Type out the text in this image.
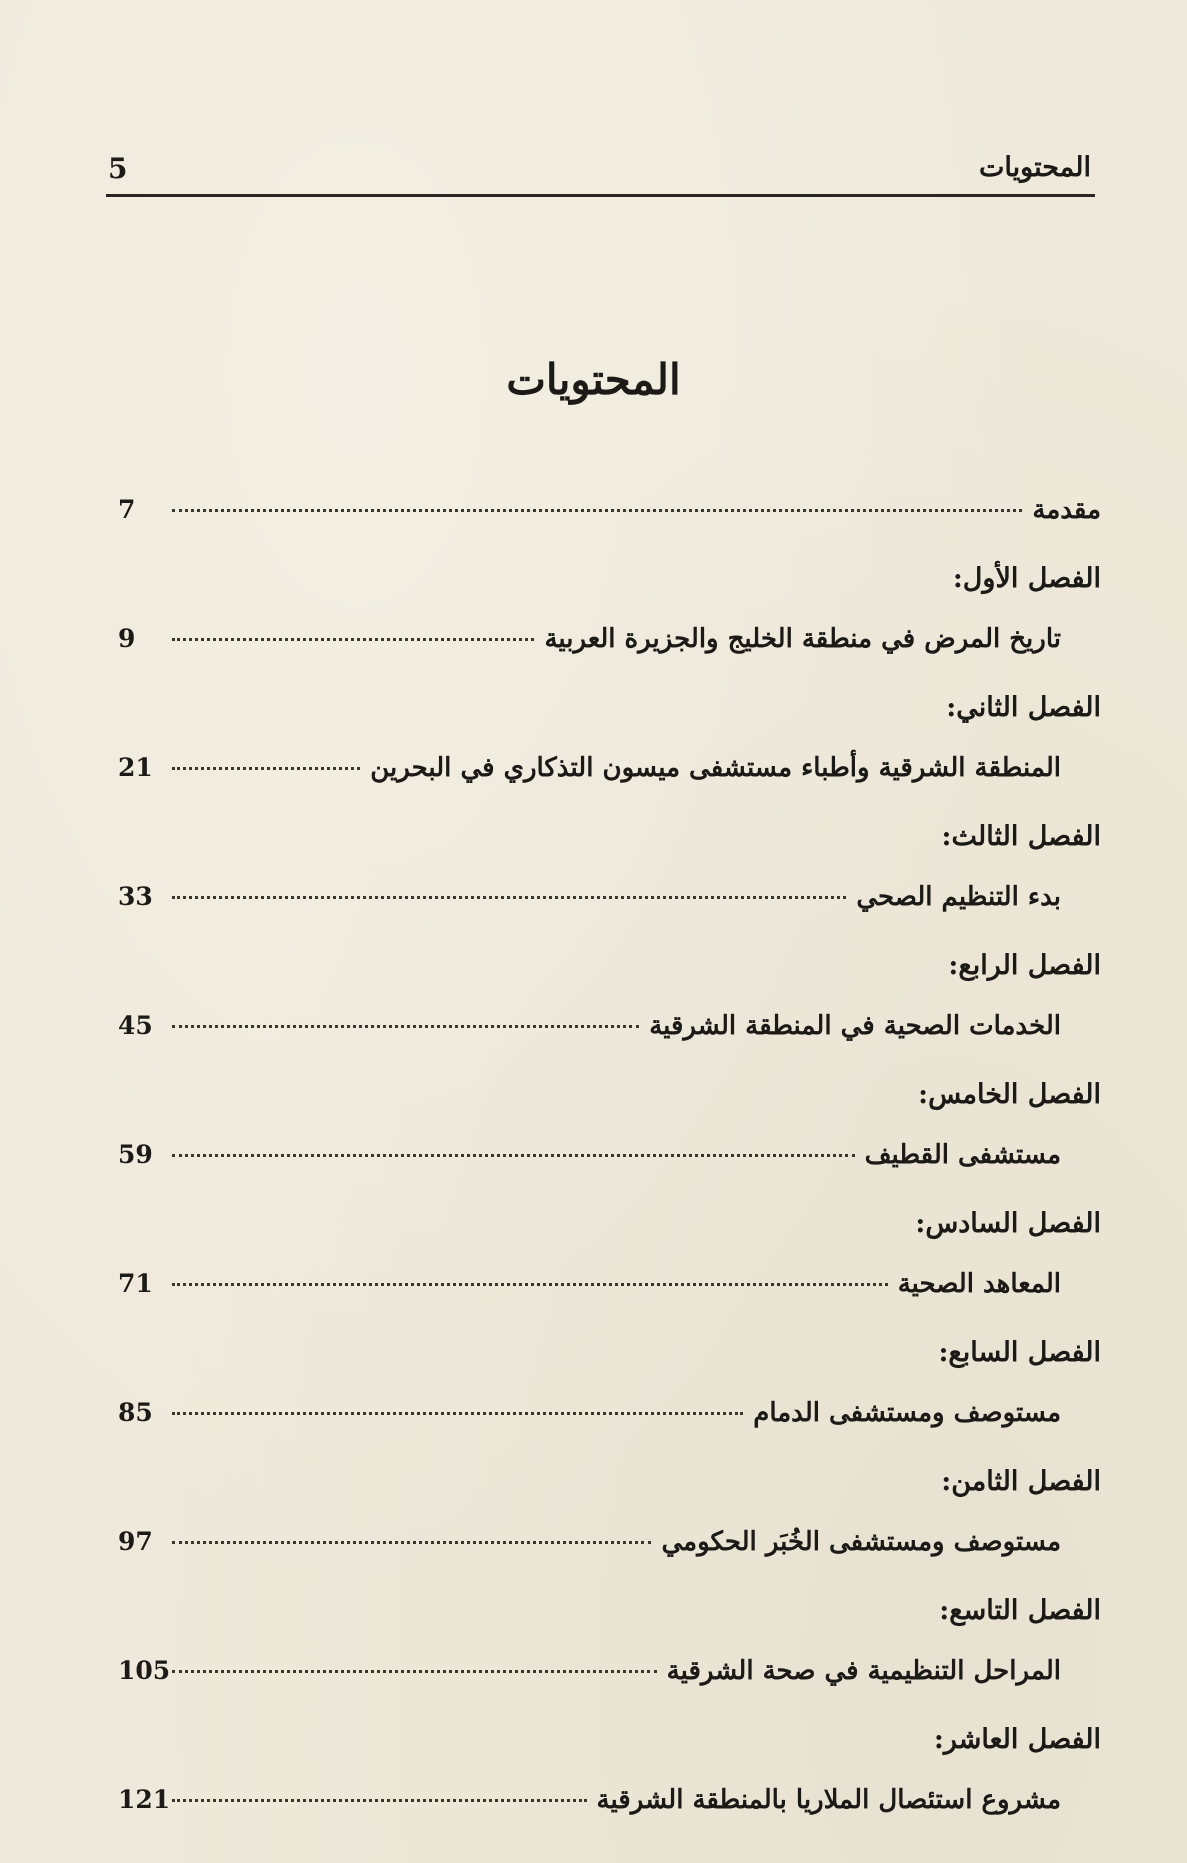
المحتويات
5
المحتويات
مقدمة
7
الفصل الأول:
تاريخ المرض في منطقة الخليج والجزيرة العربية
9
الفصل الثاني:
المنطقة الشرقية وأطباء مستشفى ميسون التذكاري في البحرين
21
الفصل الثالث:
بدء التنظيم الصحي
33
الفصل الرابع:
الخدمات الصحية في المنطقة الشرقية
45
الفصل الخامس:
مستشفى القطيف
59
الفصل السادس:
المعاهد الصحية
71
الفصل السابع:
مستوصف ومستشفى الدمام
85
الفصل الثامن:
مستوصف ومستشفى الخُبَر الحكومي
97
الفصل التاسع:
المراحل التنظيمية في صحة الشرقية
105
الفصل العاشر:
مشروع استئصال الملاريا بالمنطقة الشرقية
121
